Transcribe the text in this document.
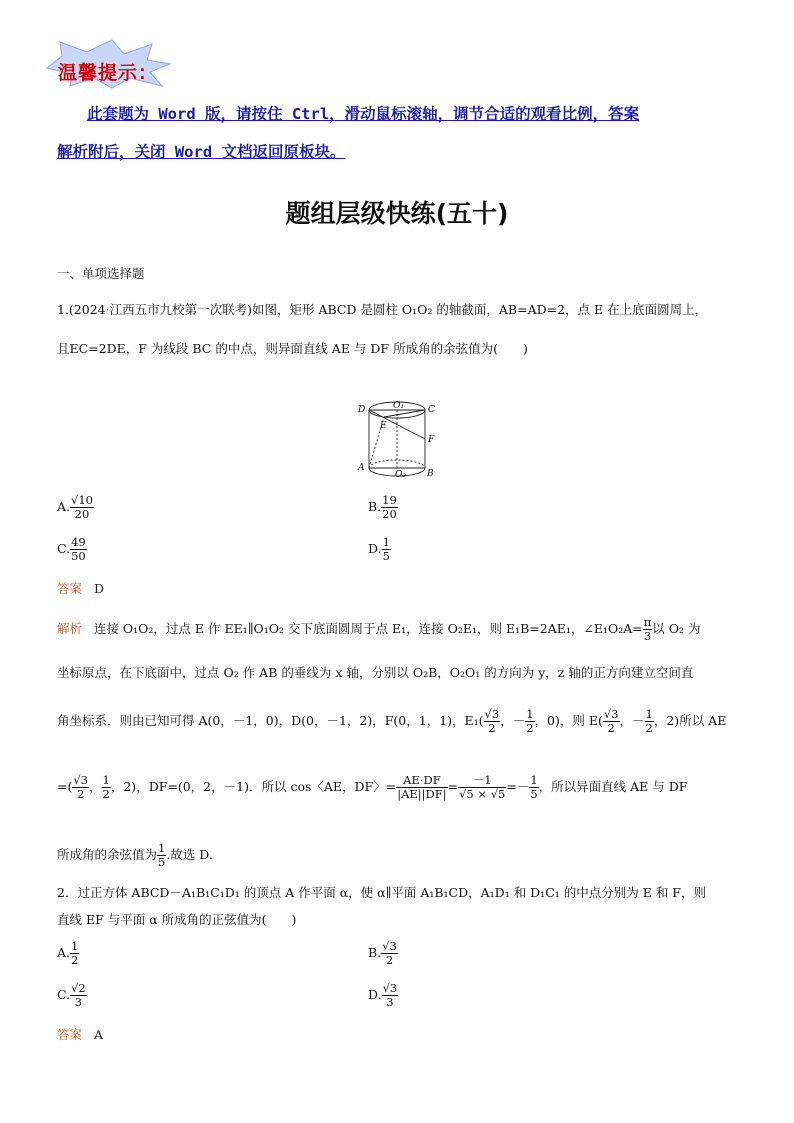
温馨提示：
此套题为 Word 版，请按住 Ctrl，滑动鼠标滚轴，调节合适的观看比例，答案
解析附后，关闭 Word 文档返回原板块。
题组层级快练(五十)
一、单项选择题
1.(2024·江西五市九校第一次联考)如图，矩形 ABCD 是圆柱 O₁O₂ 的轴截面，AB=AD=2，点 E 在上底面圆周上，
且EC=2DE，F 为线段 BC 的中点，则异面直线 AE 与 DF 所成角的余弦值为(　　)
D	C
O₁
E
F
A
B
O₂
A. $\frac{√10}{20}$	B. $\frac{19}{20}$
C. $\frac{49}{50}$	D. $\frac{1}{5}$
答案 D
解析 连接 O₁O₂，过点 E 作 EE₁∥O₁O₂ 交下底面圆周于点 E₁，连接 O₂E₁，则 E₁B=2AE₁，∠E₁O₂A= $\frac{\pi}{3}$ 以 O₂ 为
坐标原点，在下底面中，过点 O₂ 作 AB 的垂线为 x 轴，分别以 O₂B，O₂O₁ 的方向为 y，z 轴的正方向建立空间直
角坐标系．则由已知可得 A(0，－1，0)，D(0，－1，2)，F(0，1，1)，$E_1( \frac{√3}{2}$ ，－ $\frac{1}{2}$ ，0)，则 $E( \frac{√3}{2}$ ，－ $\frac{1}{2}$ ，2)所以 AE
=( $\frac{√3}{2}$ ， $\frac{1}{2}$ ，2)，DF=(0，2，－1)．所以 cos〈AE，DF〉= $\frac{AE\cdot DF}{|AE||DF|} = \frac{-1}{√5 \times √5} =- \frac{1}{5}$ ，所以异面直线 AE 与 DF
所成角的余弦值为 $\frac{1}{5}$ .故选 D.
2．过正方体 ABCD－A₁B₁C₁D₁ 的顶点 A 作平面 α，使 α∥平面 A₁B₁CD，A₁D₁ 和 D₁C₁ 的中点分别为 E 和 F，则
直线 EF 与平面 α 所成角的正弦值为(　　)
A. $\frac{1}{2}$	B. $\frac{√3}{2}$
C. $\frac{√2}{3}$	D. $\frac{√3}{3}$
答案 A
